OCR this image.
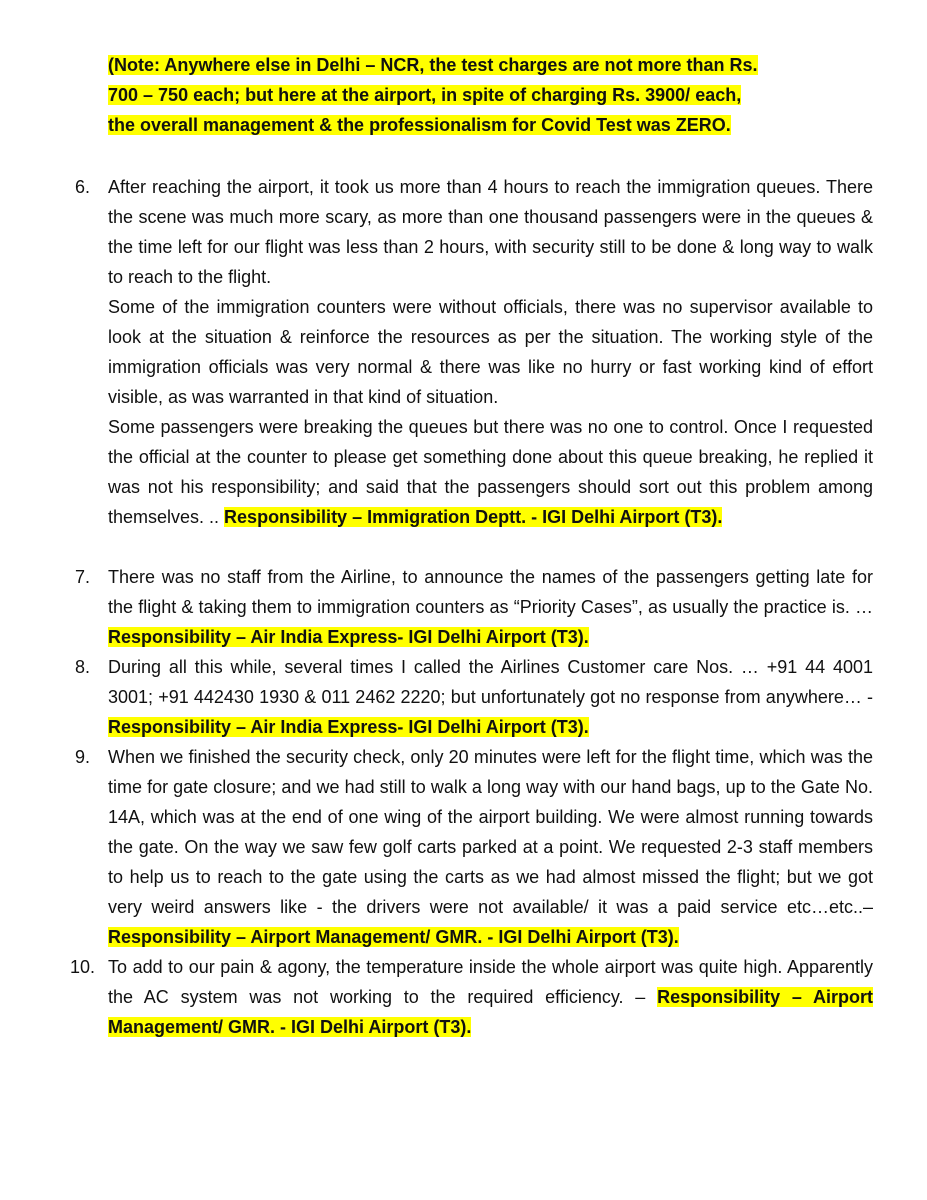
(Note: Anywhere else in Delhi – NCR, the test charges are not more than Rs. 700 – 750 each; but here at the airport, in spite of charging Rs. 3900/ each, the overall management & the professionalism for Covid Test was ZERO.
6. After reaching the airport, it took us more than 4 hours to reach the immigration queues. There the scene was much more scary, as more than one thousand passengers were in the queues & the time left for our flight was less than 2 hours, with security still to be done & long way to walk to reach to the flight.

Some of the immigration counters were without officials, there was no supervisor available to look at the situation & reinforce the resources as per the situation. The working style of the immigration officials was very normal & there was like no hurry or fast working kind of effort visible, as was warranted in that kind of situation.

Some passengers were breaking the queues but there was no one to control. Once I requested the official at the counter to please get something done about this queue breaking, he replied it was not his responsibility; and said that the passengers should sort out this problem among themselves. .. Responsibility – Immigration Deptt. - IGI Delhi Airport (T3).

7. There was no staff from the Airline, to announce the names of the passengers getting late for the flight & taking them to immigration counters as “Priority Cases”, as usually the practice is. … Responsibility – Air India Express- IGI Delhi Airport (T3).

8. During all this while, several times I called the Airlines Customer care Nos. … +91 44 4001 3001; +91 442430 1930 & 011 2462 2220; but unfortunately got no response from anywhere… - Responsibility – Air India Express- IGI Delhi Airport (T3).

9. When we finished the security check, only 20 minutes were left for the flight time, which was the time for gate closure; and we had still to walk a long way with our hand bags, up to the Gate No. 14A, which was at the end of one wing of the airport building. We were almost running towards the gate. On the way we saw few golf carts parked at a point. We requested 2-3 staff members to help us to reach to the gate using the carts as we had almost missed the flight; but we got very weird answers like - the drivers were not available/ it was a paid service etc…etc..– Responsibility – Airport Management/ GMR. - IGI Delhi Airport (T3).

10. To add to our pain & agony, the temperature inside the whole airport was quite high. Apparently the AC system was not working to the required efficiency. – Responsibility – Airport Management/ GMR. - IGI Delhi Airport (T3).
